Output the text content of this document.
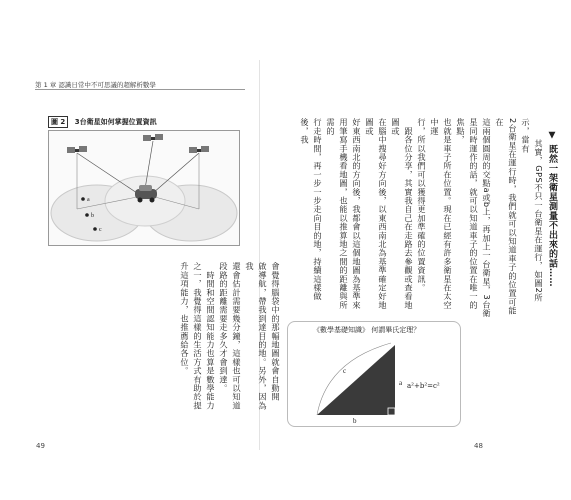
第 1 章 認識日常中不可思議的超解析數學
圖 2 3台衛星如何掌握位置資訊
a
b
c
會覺得腦袋中的那幅地圖就會自動開
啟導航，帶我到達目的地。另外，因為我
還會估計需要幾分鐘，這樣也可以知道
段路的距離需要走多久才會到達。
　時間和空間認知能力也算是數學能力
之一，我覺得這樣的生活方式有助於提
升這項能力，也推薦給各位。

▼ 既然一架衛星測量不出來的話……
　其實，GPS不只一台衛星在運行，如圖2所示，當有
2台衛星在運行時，我們就可以知道車子的位置可能在
這兩個圓周的交點a或b上，再加上一台衛星，3台衛
星同時運作的話，就可以知道車子的位置在唯一的焦點，
也就是車子所在位置。現在已經有許多衛星在太空中運
行，所以我們可以獲得更加準確的位置資訊。
　跟各位分享，其實我自己在走路去參觀或查看地圖或
在腦中搜尋好方向後，以東西南北為基準確定好地圖或
好東西南北的方向後，我都會以這個地圖為基準來
用筆寫手機看地圖，也能以推算地之間的距離與所需的
行走時間，再一步一步走向目的地，持續這樣做後，我

《數學基礎知識》 何謂畢氏定理？
c
a
b
a²+b²=c²
49	48
